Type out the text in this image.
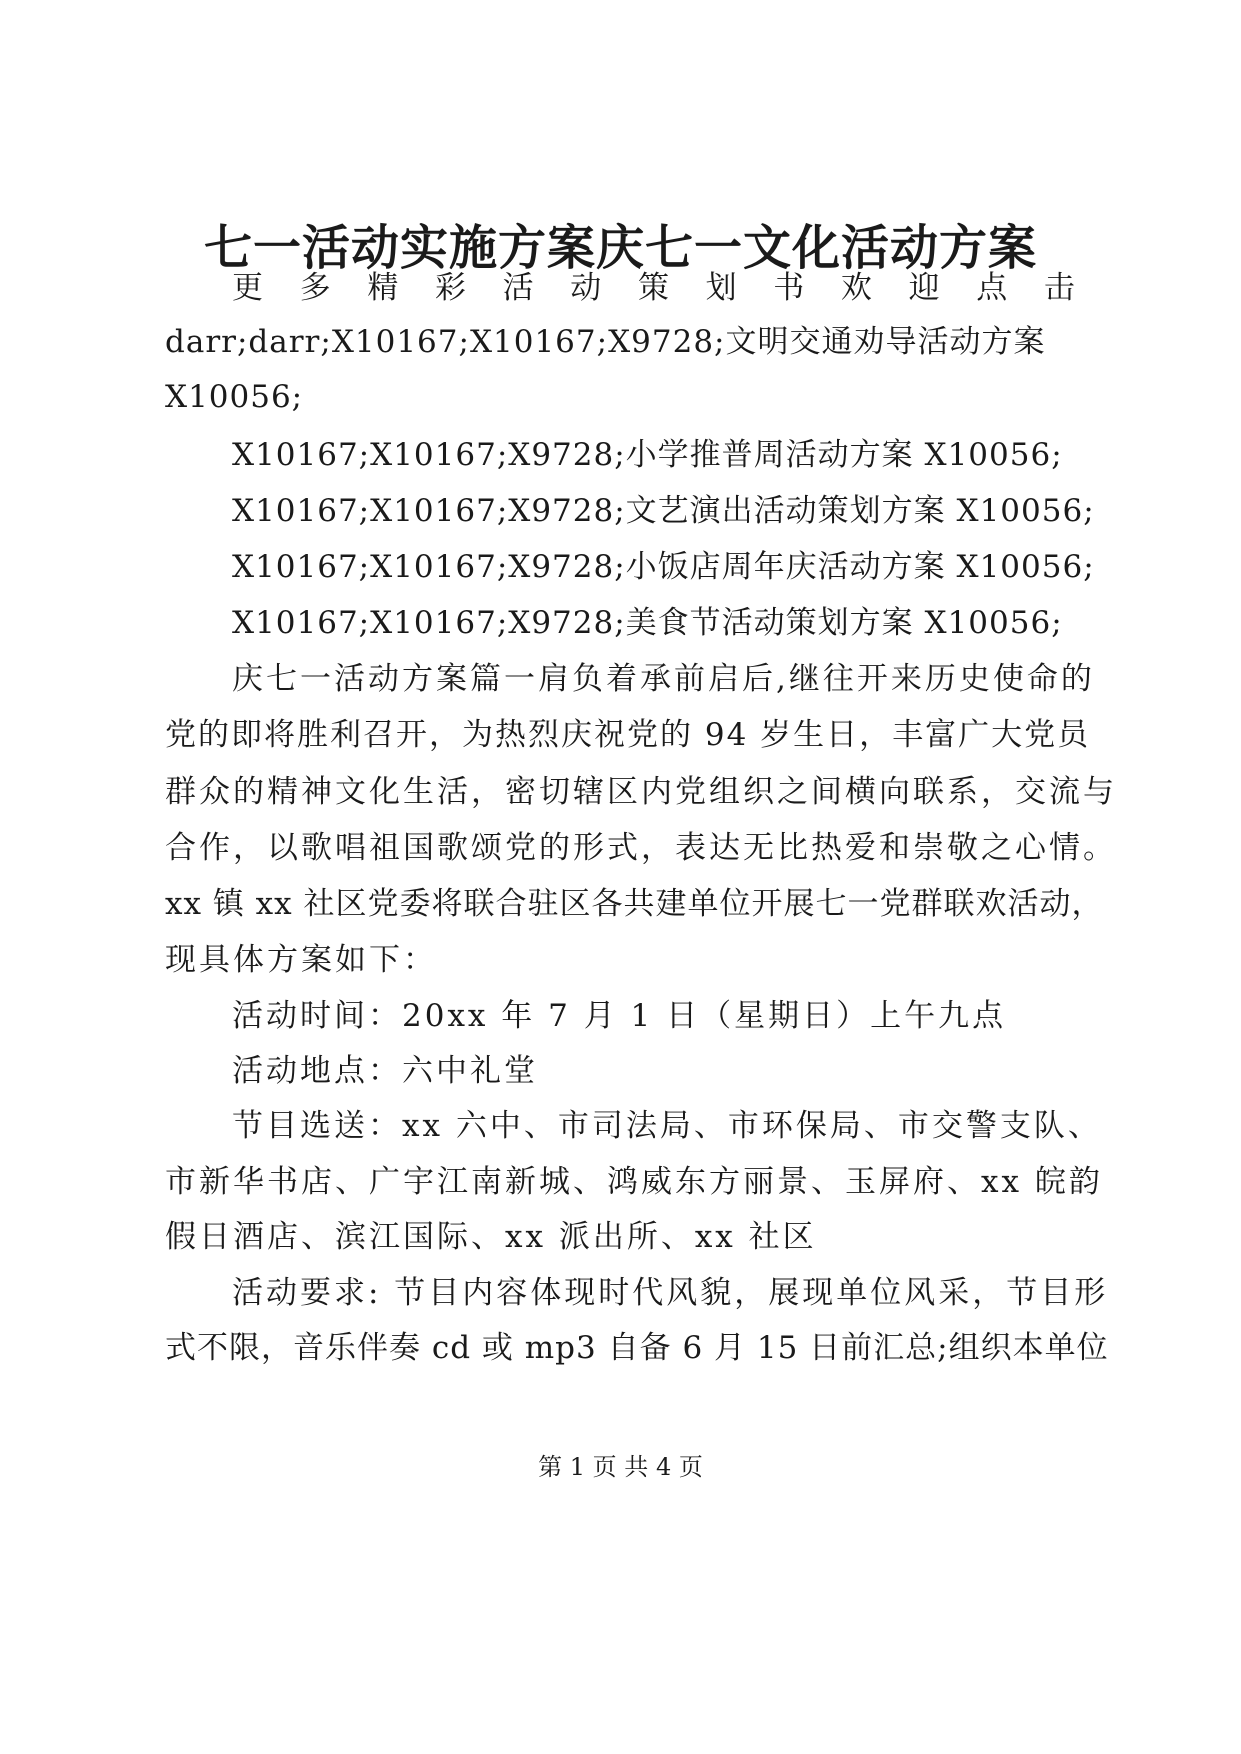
七一活动实施方案庆七一文化活动方案
更 多 精 彩 活 动 策 划 书 欢 迎 点 击

darr;darr;X10167;X10167;X9728;文明交通劝导活动方案

X10056;

X10167;X10167;X9728;小学推普周活动方案 X10056;

X10167;X10167;X9728;文艺演出活动策划方案 X10056;

X10167;X10167;X9728;小饭店周年庆活动方案 X10056;

X10167;X10167;X9728;美食节活动策划方案 X10056;

庆七一活动方案篇一肩负着承前启后,继往开来历史使命的

党的即将胜利召开，为热烈庆祝党的 94 岁生日，丰富广大党员

群众的精神文化生活，密切辖区内党组织之间横向联系，交流与

合作，以歌唱祖国歌颂党的形式，表达无比热爱和崇敬之心情。

xx 镇 xx 社区党委将联合驻区各共建单位开展七一党群联欢活动，

现具体方案如下：

活动时间：20xx 年 7 月 1 日（星期日）上午九点

活动地点：六中礼堂

节目选送：xx 六中、市司法局、市环保局、市交警支队、

市新华书店、广宇江南新城、鸿威东方丽景、玉屏府、xx 皖韵

假日酒店、滨江国际、xx 派出所、xx 社区

活动要求: 节目内容体现时代风貌，展现单位风采，节目形

式不限，音乐伴奏 cd 或 mp3 自备 6 月 15 日前汇总;组织本单位

第 1 页 共 4 页
